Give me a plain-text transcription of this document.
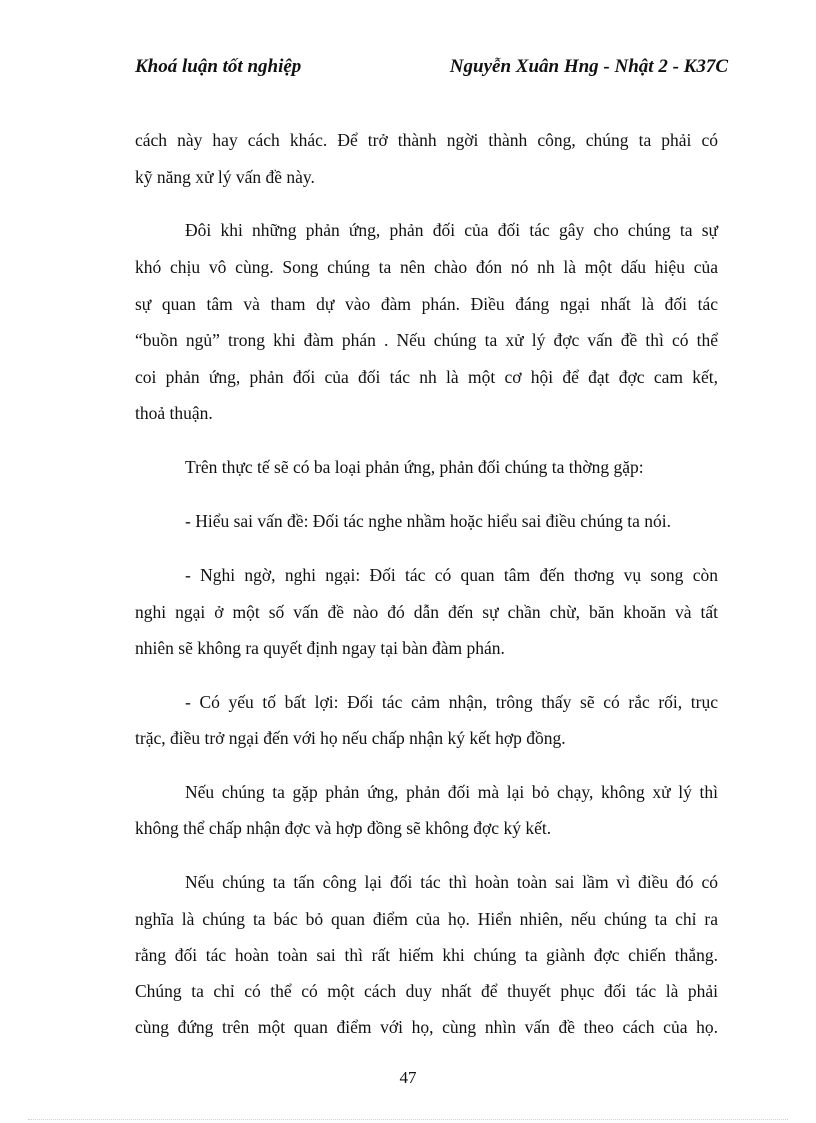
Khoá luận tốt nghiệp	Nguyễn Xuân Hng - Nhật 2 - K37C
cách này hay cách khác. Để trở thành ngời thành công, chúng ta phải có
kỹ năng xử lý vấn đề này.
Đôi khi những phản ứng, phản đối của đối tác gây cho chúng ta sự
khó chịu vô cùng. Song chúng ta nên chào đón nó nh là một dấu hiệu của
sự quan tâm và tham dự vào đàm phán. Điều đáng ngại nhất là đối tác
“buồn ngủ” trong khi đàm phán . Nếu chúng ta xử lý đợc vấn đề thì có thể
coi phản ứng, phản đối của đối tác nh là một cơ hội để đạt đợc cam kết,
thoả thuận.
Trên thực tế sẽ có ba loại phản ứng, phản đối chúng ta thờng gặp:
- Hiểu sai vấn đề: Đối tác nghe nhầm hoặc hiểu sai điều chúng ta nói.
- Nghi ngờ, nghi ngại: Đối tác có quan tâm đến thơng vụ song còn
nghi ngại ở một số vấn đề nào đó dẫn đến sự chần chừ, băn khoăn và tất
nhiên sẽ không ra quyết định ngay tại bàn đàm phán.
- Có yếu tố bất lợi: Đối tác cảm nhận, trông thấy sẽ có rắc rối, trục
trặc, điều trở ngại đến với họ nếu chấp nhận ký kết hợp đồng.
Nếu chúng ta gặp phản ứng, phản đối mà lại bỏ chạy, không xử lý thì
không thể chấp nhận đợc và hợp đồng sẽ không đợc ký kết.
Nếu chúng ta tấn công lại đối tác thì hoàn toàn sai lầm vì điều đó có
nghĩa là chúng ta bác bỏ quan điểm của họ. Hiển nhiên, nếu chúng ta chỉ ra
rằng đối tác hoàn toàn sai thì rất hiếm khi chúng ta giành đợc chiến thắng.
Chúng ta chỉ có thể có một cách duy nhất để thuyết phục đối tác là phải
cùng đứng trên một quan điểm với họ, cùng nhìn vấn đề theo cách của họ.
47
